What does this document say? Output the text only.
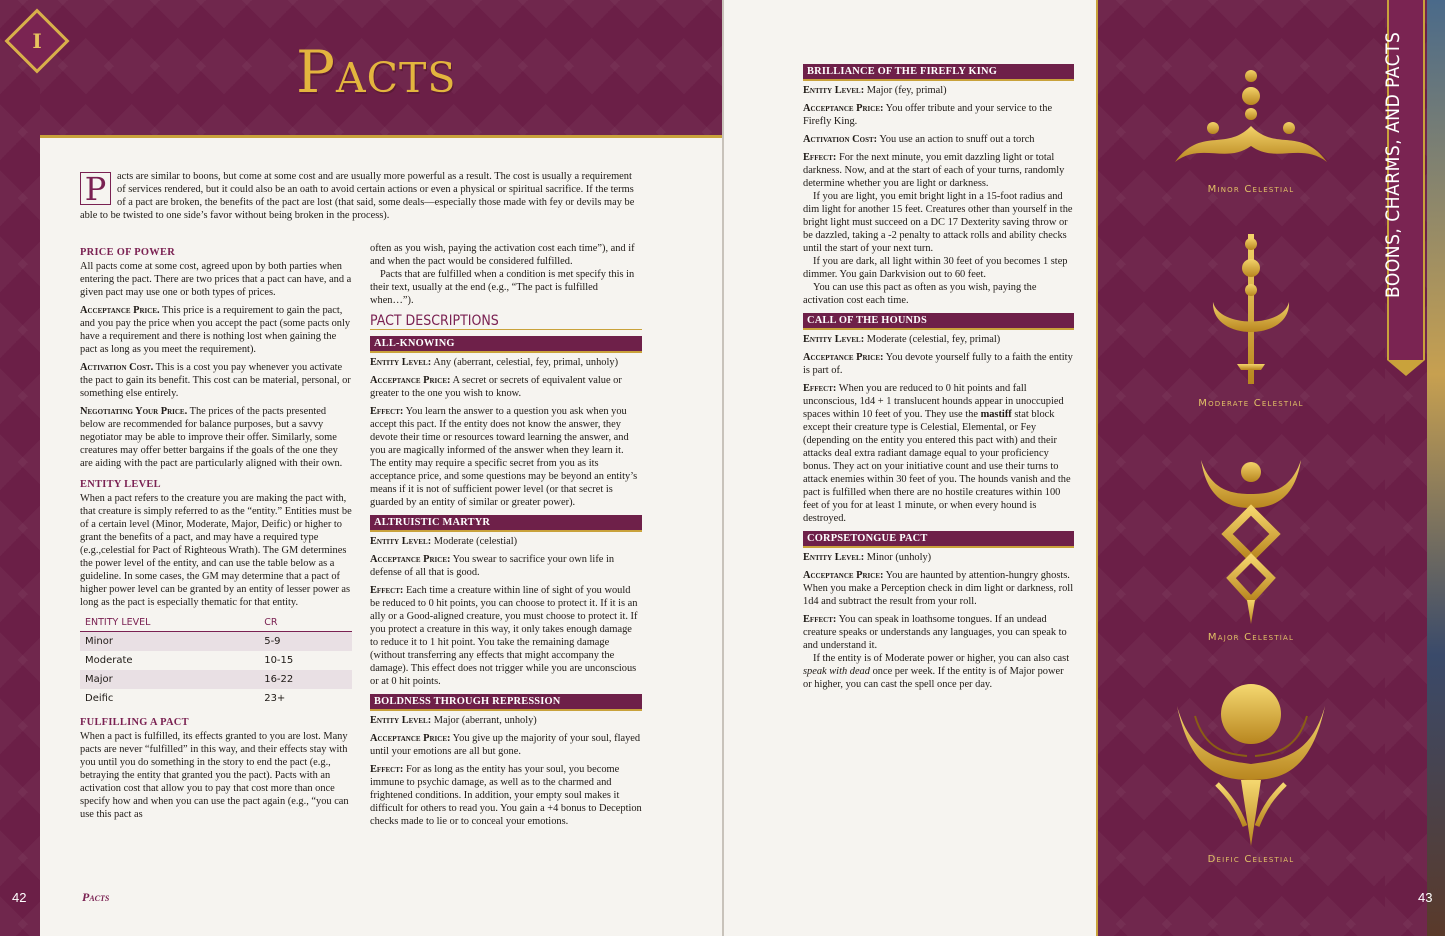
I	Pacts
P	acts are similar to boons, but come at some cost and are usually more powerful as a result. The cost is usually a requirement of services rendered, but it could also be an oath to avoid certain actions or even a physical or spiritual sacrifice. If the terms of a pact are broken, the benefits of the pact are lost (that said, some deals—especially those made with fey or devils may be able to be twisted to one side’s favor without being broken in the process).

PRICE OF POWER

All pacts come at some cost, agreed upon by both parties when entering the pact. There are two prices that a pact can have, and a given pact may use one or both types of prices.

Acceptance Price. This price is a requirement to gain the pact, and you pay the price when you accept the pact (some pacts only have a requirement and there is nothing lost when gaining the pact as long as you meet the requirement).

Activation Cost. This is a cost you pay whenever you activate the pact to gain its benefit. This cost can be material, personal, or something else entirely.

Negotiating Your Price. The prices of the pacts presented below are recommended for balance purposes, but a savvy negotiator may be able to improve their offer. Similarly, some creatures may offer better bargains if the goals of the one they are aiding with the pact are particularly aligned with their own.

ENTITY LEVEL

When a pact refers to the creature you are making the pact with, that creature is simply referred to as the “entity.” Entities must be of a certain level (Minor, Moderate, Major, Deific) or higher to grant the benefits of a pact, and may have a required type (e.g.,celestial for Pact of Righteous Wrath). The GM determines the power level of the entity, and can use the table below as a guideline. In some cases, the GM may determine that a pact of higher power level can be granted by an entity of lesser power as long as the pact is especially thematic for that entity.

ENTITY LEVEL	CR
Minor	5-9
Moderate	10-15
Major	16-22
Deific	23+
FULFILLING A PACT

When a pact is fulfilled, its effects granted to you are lost. Many pacts are never “fulfilled” in this way, and their effects stay with you until you do something in the story to end the pact (e.g., betraying the entity that granted you the pact). Pacts with an activation cost that allow you to pay that cost more than once specify how and when you can use the pact again (e.g., “you can use this pact as

often as you wish, paying the activation cost each time”), and if and when the pact would be considered fulfilled.

Pacts that are fulfilled when a condition is met specify this in their text, usually at the end (e.g., “The pact is fulfilled when…”).

PACT DESCRIPTIONS
ALL-KNOWING

Entity Level: Any (aberrant, celestial, fey, primal, unholy)

Acceptance Price: A secret or secrets of equivalent value or greater to the one you wish to know.

Effect: You learn the answer to a question you ask when you accept this pact. If the entity does not know the answer, they devote their time or resources toward learning the answer, and you are magically informed of the answer when they learn it. The entity may require a specific secret from you as its acceptance price, and some questions may be beyond an entity’s means if it is not of sufficient power level (or that secret is guarded by an entity of similar or greater power).

ALTRUISTIC MARTYR

Entity Level: Moderate (celestial)

Acceptance Price: You swear to sacrifice your own life in defense of all that is good.

Effect: Each time a creature within line of sight of you would be reduced to 0 hit points, you can choose to protect it. If it is an ally or a Good-aligned creature, you must choose to protect it. If you protect a creature in this way, it only takes enough damage to reduce it to 1 hit point. You take the remaining damage (without transferring any effects that might accompany the damage). This effect does not trigger while you are unconscious or at 0 hit points.

BOLDNESS THROUGH REPRESSION

Entity Level: Major (aberrant, unholy)

Acceptance Price: You give up the majority of your soul, flayed until your emotions are all but gone.

Effect: For as long as the entity has your soul, you become immune to psychic damage, as well as to the charmed and frightened conditions. In addition, your empty soul makes it difficult for others to read you. You gain a +4 bonus to Deception checks made to lie or to conceal your emotions.

42	Pacts
BRILLIANCE OF THE FIREFLY KING

Entity Level: Major (fey, primal)

Acceptance Price: You offer tribute and your service to the Firefly King.

Activation Cost: You use an action to snuff out a torch

Effect: For the next minute, you emit dazzling light or total darkness. Now, and at the start of each of your turns, randomly determine whether you are light or darkness.

If you are light, you emit bright light in a 15-foot radius and dim light for another 15 feet. Creatures other than yourself in the bright light must succeed on a DC 17 Dexterity saving throw or be dazzled, taking a -2 penalty to attack rolls and ability checks until the start of your next turn.

If you are dark, all light within 30 feet of you becomes 1 step dimmer. You gain Darkvision out to 60 feet.

You can use this pact as often as you wish, paying the activation cost each time.

CALL OF THE HOUNDS

Entity Level: Moderate (celestial, fey, primal)

Acceptance Price: You devote yourself fully to a faith the entity is part of.

Effect: When you are reduced to 0 hit points and fall unconscious, 1d4 + 1 translucent hounds appear in unoccupied spaces within 10 feet of you. They use the mastiff stat block except their creature type is Celestial, Elemental, or Fey (depending on the entity you entered this pact with) and their attacks deal extra radiant damage equal to your proficiency bonus. They act on your initiative count and use their turns to attack enemies within 30 feet of you. The hounds vanish and the pact is fulfilled when there are no hostile creatures within 100 feet of you for at least 1 minute, or when every hound is destroyed.

CORPSETONGUE PACT

Entity Level: Minor (unholy)

Acceptance Price: You are haunted by attention-hungry ghosts. When you make a Perception check in dim light or darkness, roll 1d4 and subtract the result from your roll.

Effect: You can speak in loathsome tongues. If an undead creature speaks or understands any languages, you can speak to and understand it.

If the entity is of Moderate power or higher, you can also cast speak with dead once per week. If the entity is of Major power or higher, you can cast the spell once per day.

Minor Celestial
Moderate Celestial
Major Celestial
Deific Celestial
BOONS, CHARMS, AND PACTS
43
